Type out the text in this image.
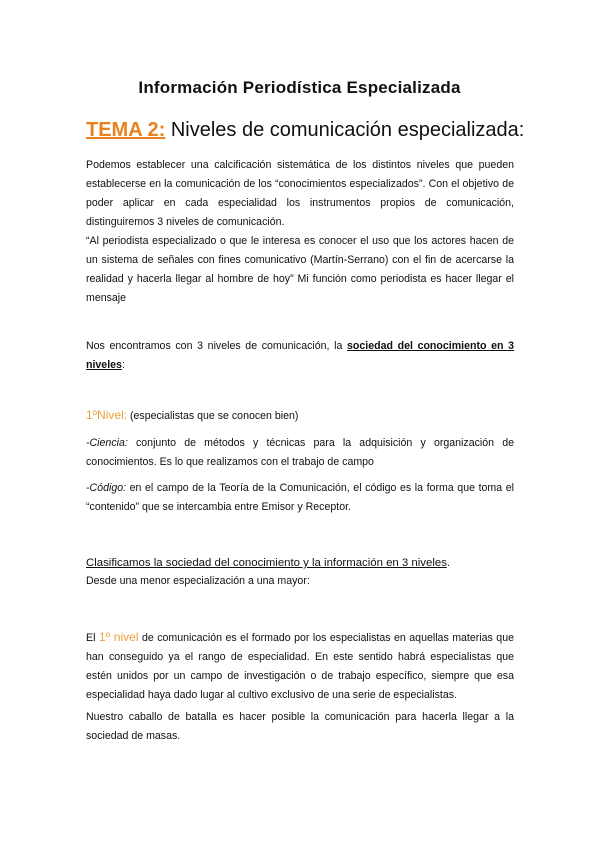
Información Periodística Especializada
TEMA 2: Niveles de comunicación especializada:
Podemos establecer una calcificación sistemática de los distintos niveles que pueden establecerse en la comunicación de los “conocimientos especializados”. Con el objetivo de poder aplicar en cada especialidad los instrumentos propios de comunicación, distinguiremos 3 niveles de comunicación.
“Al periodista especializado o que le interesa es conocer el uso que los actores hacen de un sistema de señales con fines comunicativo (Martín-Serrano) con el fin de acercarse la realidad y hacerla llegar al hombre de hoy” Mi función como periodista es hacer llegar el mensaje
Nos encontramos con 3 niveles de comunicación, la sociedad del conocimiento en 3 niveles:
1ºNivel: (especialistas que se conocen bien)
-Ciencia: conjunto de métodos y técnicas para la adquisición y organización de conocimientos. Es lo que realizamos con el trabajo de campo
-Código: en el campo de la Teoría de la Comunicación, el código es la forma que toma el “contenido” que se intercambia entre Emisor y Receptor.
Clasificamos la sociedad del conocimiento y la información en 3 niveles.
Desde una menor especialización a una mayor:
El 1º nivel de comunicación es el formado por los especialistas en aquellas materias que han conseguido ya el rango de especialidad. En este sentido habrá especialistas que estén unidos por un campo de investigación o de trabajo específico, siempre que esa especialidad haya dado lugar al cultivo exclusivo de una serie de especialistas.
Nuestro caballo de batalla es hacer posible la comunicación para hacerla llegar a la sociedad de masas.
